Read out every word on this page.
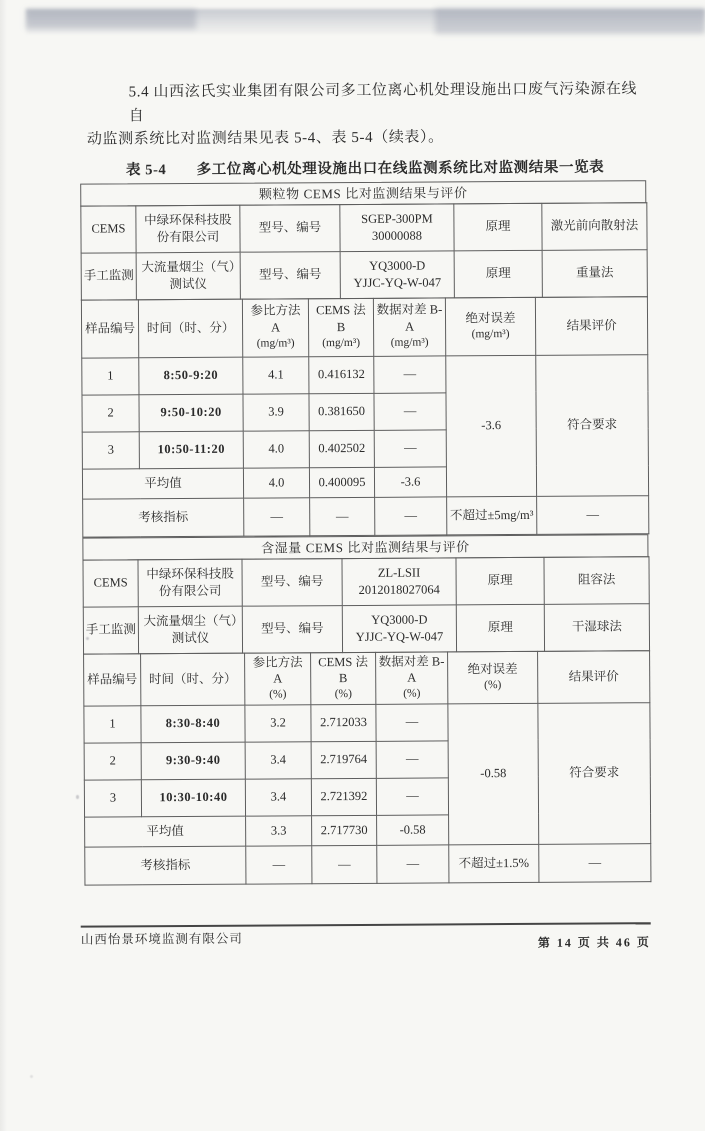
5.4 山西泫氏实业集团有限公司多工位离心机处理设施出口废气污染源在线自
动监测系统比对监测结果见表 5-4、表 5-4（续表）。
表 5-4　　多工位离心机处理设施出口在线监测系统比对监测结果一览表
颗粒物 CEMS 比对监测结果与评价
CEMS	中绿环保科技股份有限公司	型号、编号	SGEP-300PM
30000088	原理	激光前向散射法
手工监测	大流量烟尘（气）测试仪	型号、编号	YQ3000-D
YJJC-YQ-W-047	原理	重量法
样品编号	时间（时、分）	
参比方法 A
(mg/m³)

CEMS 法 B
(mg/m³)

数据对差 B-A
(mg/m³)

绝对误差
(mg/m³)
	结果评价
1	8:50-9:20	4.1	0.416132	—	-3.6	符合要求
2	9:50-10:20	3.9	0.381650	—		
3	10:50-11:20	4.0	0.402502	—		
平均值		4.0	0.400095	-3.6		
考核指标		—	—	—	不超过±5mg/m³	—
含湿量 CEMS 比对监测结果与评价
CEMS	中绿环保科技股份有限公司	型号、编号	ZL-LSII
2012018027064	原理	阻容法
手工监测	大流量烟尘（气）测试仪	型号、编号	YQ3000-D
YJJC-YQ-W-047	原理	干湿球法
样品编号	时间（时、分）	
参比方法 A
(%)

CEMS 法 B
(%)

数据对差 B-A
(%)

绝对误差
(%)
	结果评价
1	8:30-8:40	3.2	2.712033	—	-0.58	符合要求
2	9:30-9:40	3.4	2.719764	—		
3	10:30-10:40	3.4	2.721392	—		
平均值		3.3	2.717730	-0.58		
考核指标		—	—	—	不超过±1.5%	—
山西怡景环境监测有限公司	第 14 页 共 46 页
